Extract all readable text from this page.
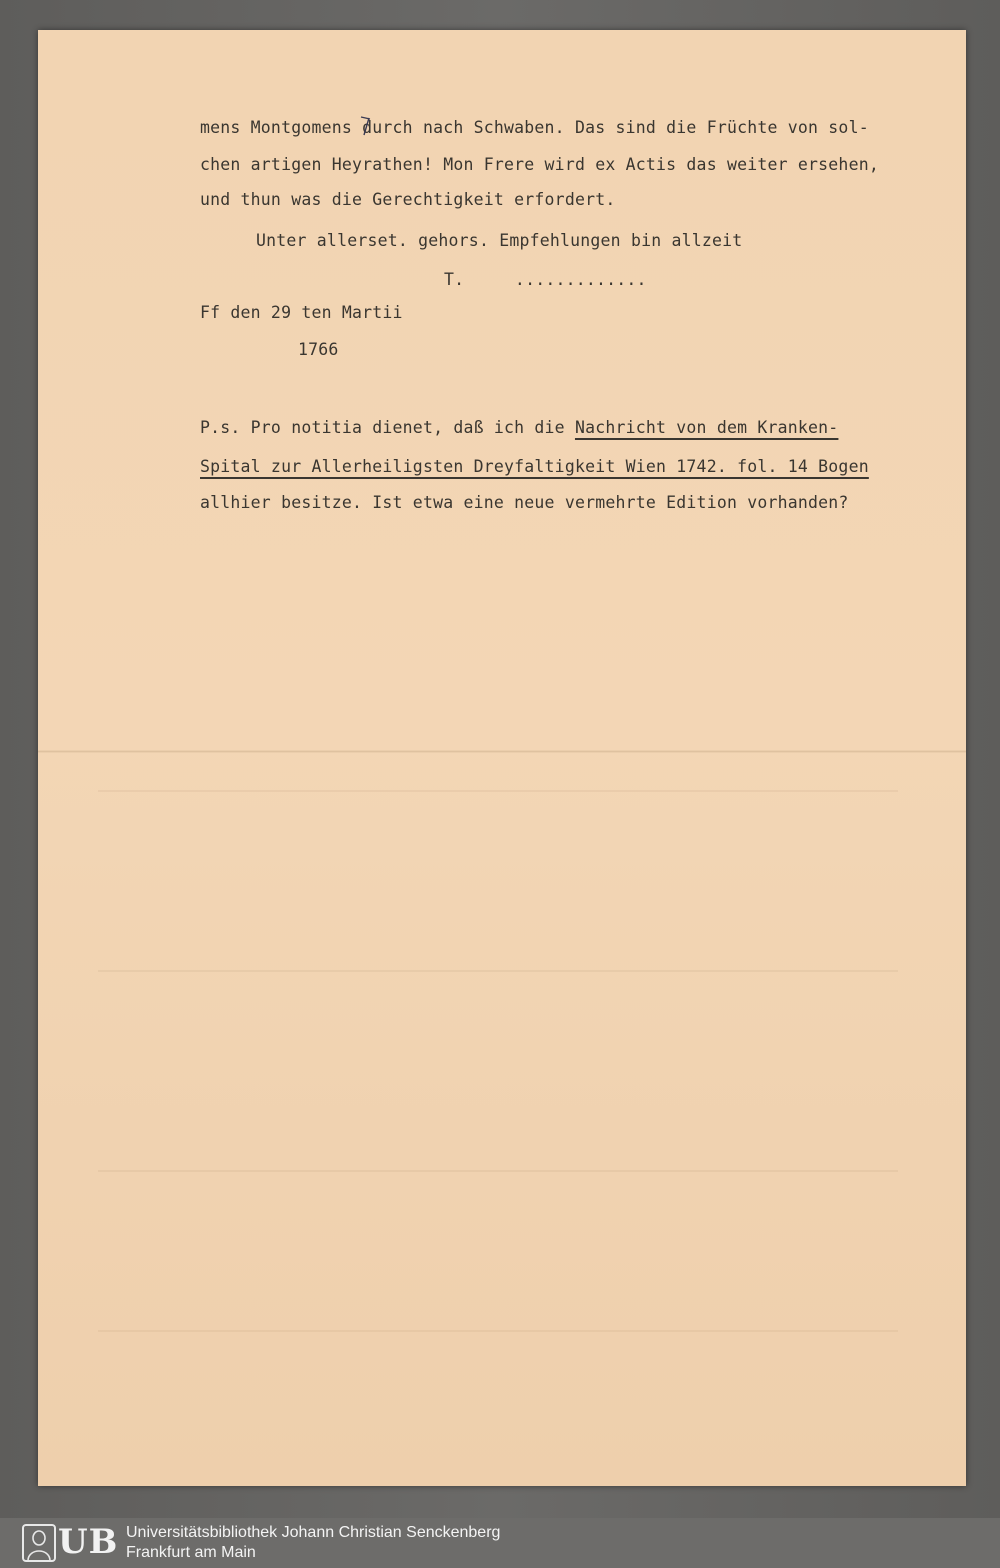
mens Montgomens durch nach Schwaben. Das sind die Früchte von sol-
chen artigen Heyrathen! Mon Frere wird ex Actis das weiter ersehen,
und thun was die Gerechtigkeit erfordert.
Unter allerset. gehors. Empfehlungen bin allzeit
T.     .............
Ff den 29 ten Martii
1766
P.s. Pro notitia dienet, daß ich die Nachricht von dem Kranken-
Spital zur Allerheiligsten Dreyfaltigkeit Wien 1742. fol. 14 Bogen
allhier besitze. Ist etwa eine neue vermehrte Edition vorhanden?
UB Universitätsbibliothek Johann Christian Senckenberg
Frankfurt am Main
